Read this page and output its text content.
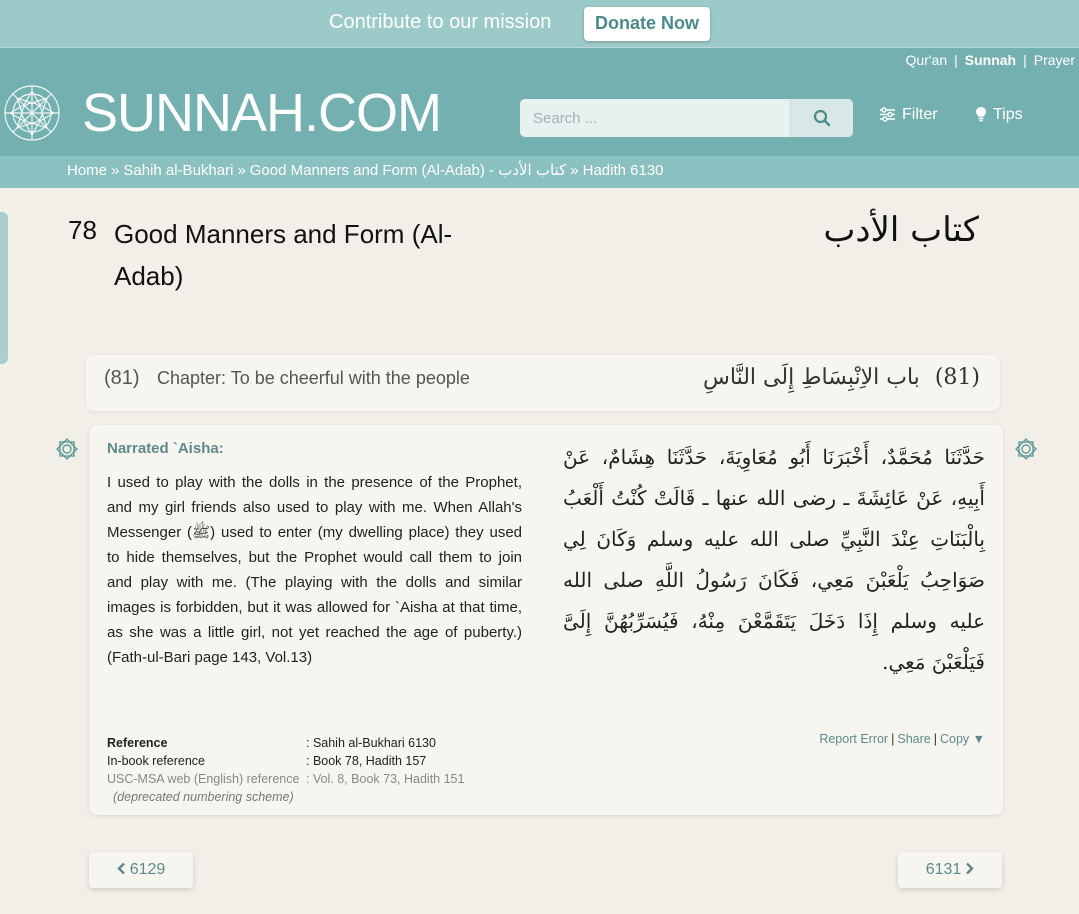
Contribute to our mission	Donate Now
Qur'an | Sunnah | Prayer
SUNNAH.COM
Search ...	Filter	Tips
Home » Sahih al-Bukhari » Good Manners and Form (Al-Adab) - كتاب الأدب » Hadith 6130
78 Good Manners and Form (Al-Adab)
كتاب الأدب
(81) Chapter: To be cheerful with the people	(81) باب الاِنْبِسَاطِ إِلَى النَّاسِ
Narrated `Aisha:
I used to play with the dolls in the presence of the Prophet, and my girl friends also used to play with me. When Allah's Messenger (ﷺ) used to enter (my dwelling place) they used to hide themselves, but the Prophet would call them to join and play with me. (The playing with the dolls and similar images is forbidden, but it was allowed for `Aisha at that time, as she was a little girl, not yet reached the age of puberty.) (Fath-ul-Bari page 143, Vol.13)
حَدَّثَنَا مُحَمَّدٌ، أَخْبَرَنَا أَبُو مُعَاوِيَةَ، حَدَّثَنَا هِشَامٌ، عَنْ أَبِيهِ، عَنْ عَائِشَةَ ـ رضى الله عنها ـ قَالَتْ كُنْتُ أَلْعَبُ بِالْبَنَاتِ عِنْدَ النَّبِيِّ صلى الله عليه وسلم وَكَانَ لِي صَوَاحِبُ يَلْعَبْنَ مَعِي، فَكَانَ رَسُولُ اللَّهِ صلى الله عليه وسلم إِذَا دَخَلَ يَتَقَمَّعْنَ مِنْهُ، فَيُسَرِّبُهُنَّ إِلَىَّ فَيَلْعَبْنَ مَعِي.
Reference	: Sahih al-Bukhari 6130
In-book reference	: Book 78, Hadith 157
USC-MSA web (English) reference : Vol. 8, Book 73, Hadith 151
(deprecated numbering scheme)
Report Error | Share | Copy ▼
6129	6131
